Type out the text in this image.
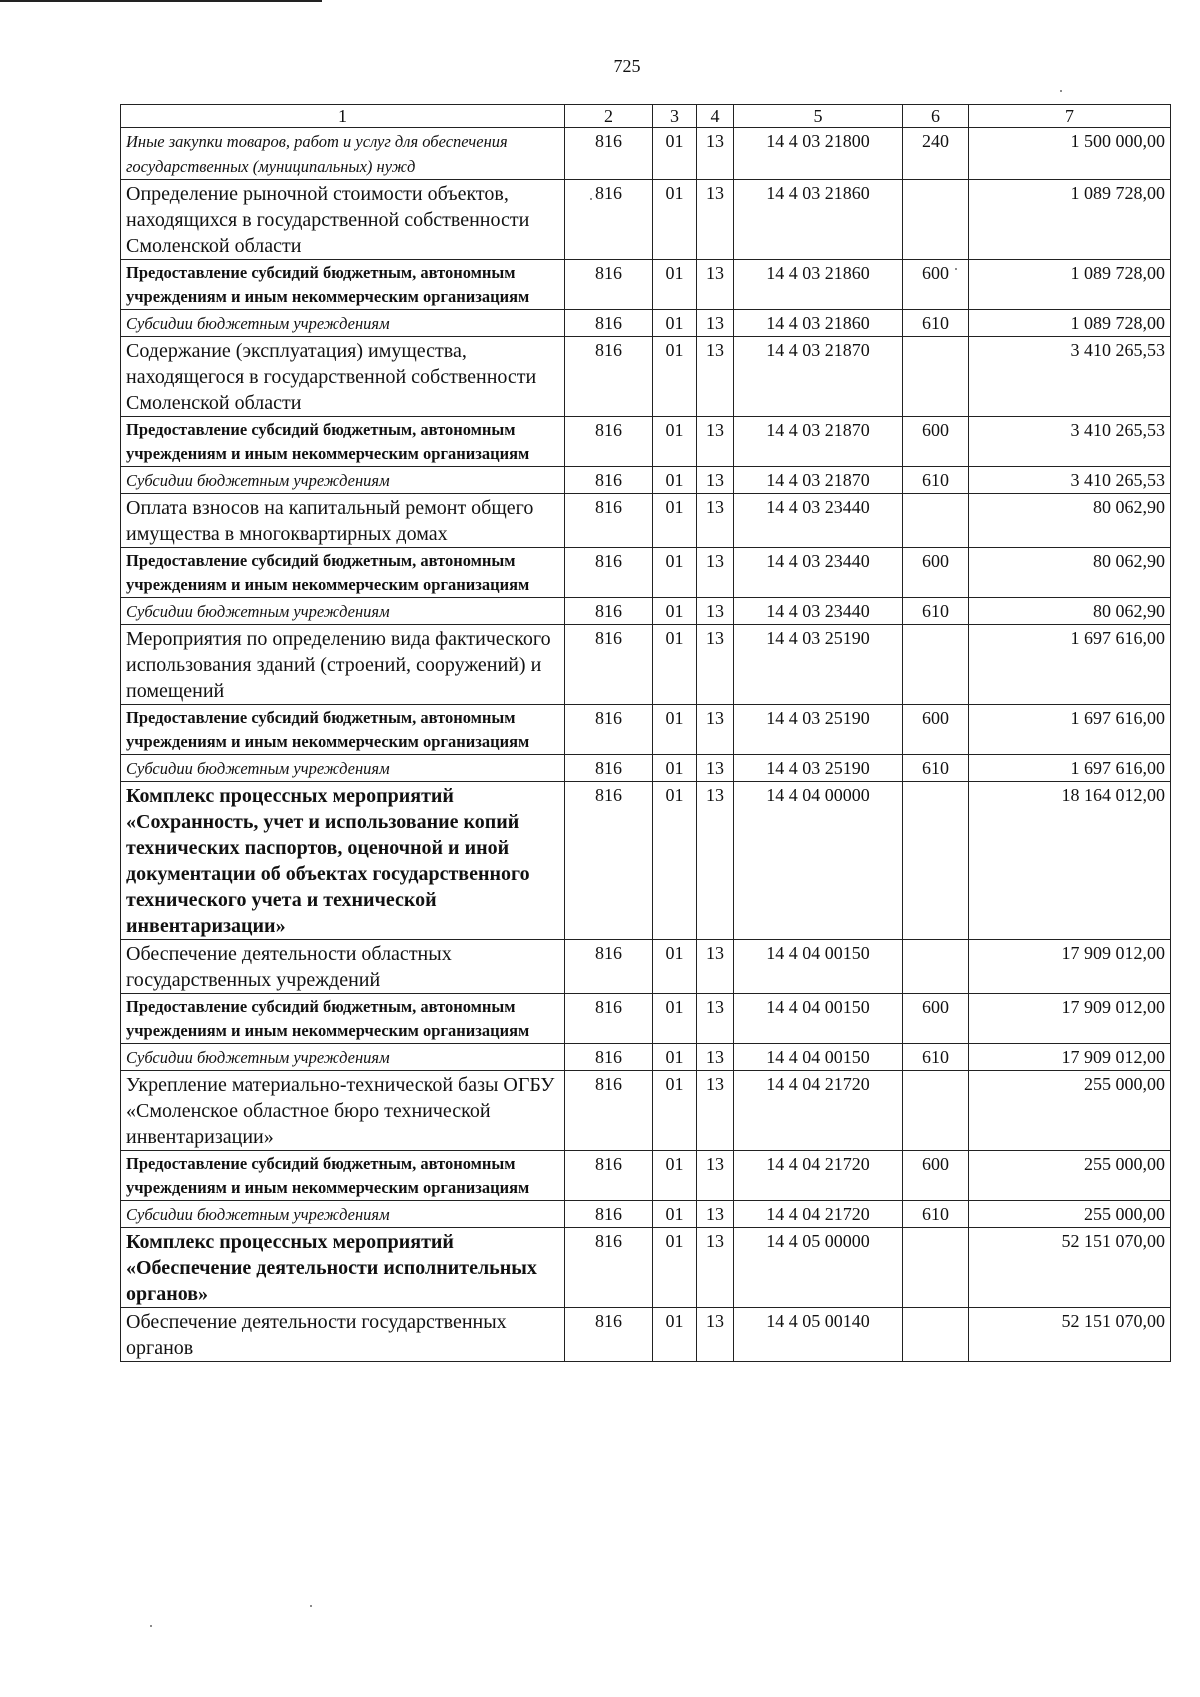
725
1	2	3	4	5	6	7
Иные закупки товаров, работ и услуг для обеспечения государственных (муниципальных) нужд	816	01	13	14 4 03 21800	240	1 500 000,00
Определение рыночной стоимости объектов, находящихся в государственной собственности Смоленской области	816	01	13	14 4 03 21860		1 089 728,00
Предоставление субсидий бюджетным, автономным учреждениям и иным некоммерческим организациям	816	01	13	14 4 03 21860	600	1 089 728,00
Субсидии бюджетным учреждениям	816	01	13	14 4 03 21860	610	1 089 728,00
Содержание (эксплуатация) имущества, находящегося в государственной собственности Смоленской области	816	01	13	14 4 03 21870		3 410 265,53
Предоставление субсидий бюджетным, автономным учреждениям и иным некоммерческим организациям	816	01	13	14 4 03 21870	600	3 410 265,53
Субсидии бюджетным учреждениям	816	01	13	14 4 03 21870	610	3 410 265,53
Оплата взносов на капитальный ремонт общего имущества в многоквартирных домах	816	01	13	14 4 03 23440		80 062,90
Предоставление субсидий бюджетным, автономным учреждениям и иным некоммерческим организациям	816	01	13	14 4 03 23440	600	80 062,90
Субсидии бюджетным учреждениям	816	01	13	14 4 03 23440	610	80 062,90
Мероприятия по определению вида фактического использования зданий (строений, сооружений) и помещений	816	01	13	14 4 03 25190		1 697 616,00
Предоставление субсидий бюджетным, автономным учреждениям и иным некоммерческим организациям	816	01	13	14 4 03 25190	600	1 697 616,00
Субсидии бюджетным учреждениям	816	01	13	14 4 03 25190	610	1 697 616,00
Комплекс процессных мероприятий «Сохранность, учет и использование копий технических паспортов, оценочной и иной документации об объектах государственного технического учета и технической инвентаризации»	816	01	13	14 4 04 00000		18 164 012,00
Обеспечение деятельности областных государственных учреждений	816	01	13	14 4 04 00150		17 909 012,00
Предоставление субсидий бюджетным, автономным учреждениям и иным некоммерческим организациям	816	01	13	14 4 04 00150	600	17 909 012,00
Субсидии бюджетным учреждениям	816	01	13	14 4 04 00150	610	17 909 012,00
Укрепление материально-технической базы ОГБУ «Смоленское областное бюро технической инвентаризации»	816	01	13	14 4 04 21720		255 000,00
Предоставление субсидий бюджетным, автономным учреждениям и иным некоммерческим организациям	816	01	13	14 4 04 21720	600	255 000,00
Субсидии бюджетным учреждениям	816	01	13	14 4 04 21720	610	255 000,00
Комплекс процессных мероприятий «Обеспечение деятельности исполнительных органов»	816	01	13	14 4 05 00000		52 151 070,00
Обеспечение деятельности государственных органов	816	01	13	14 4 05 00140		52 151 070,00
